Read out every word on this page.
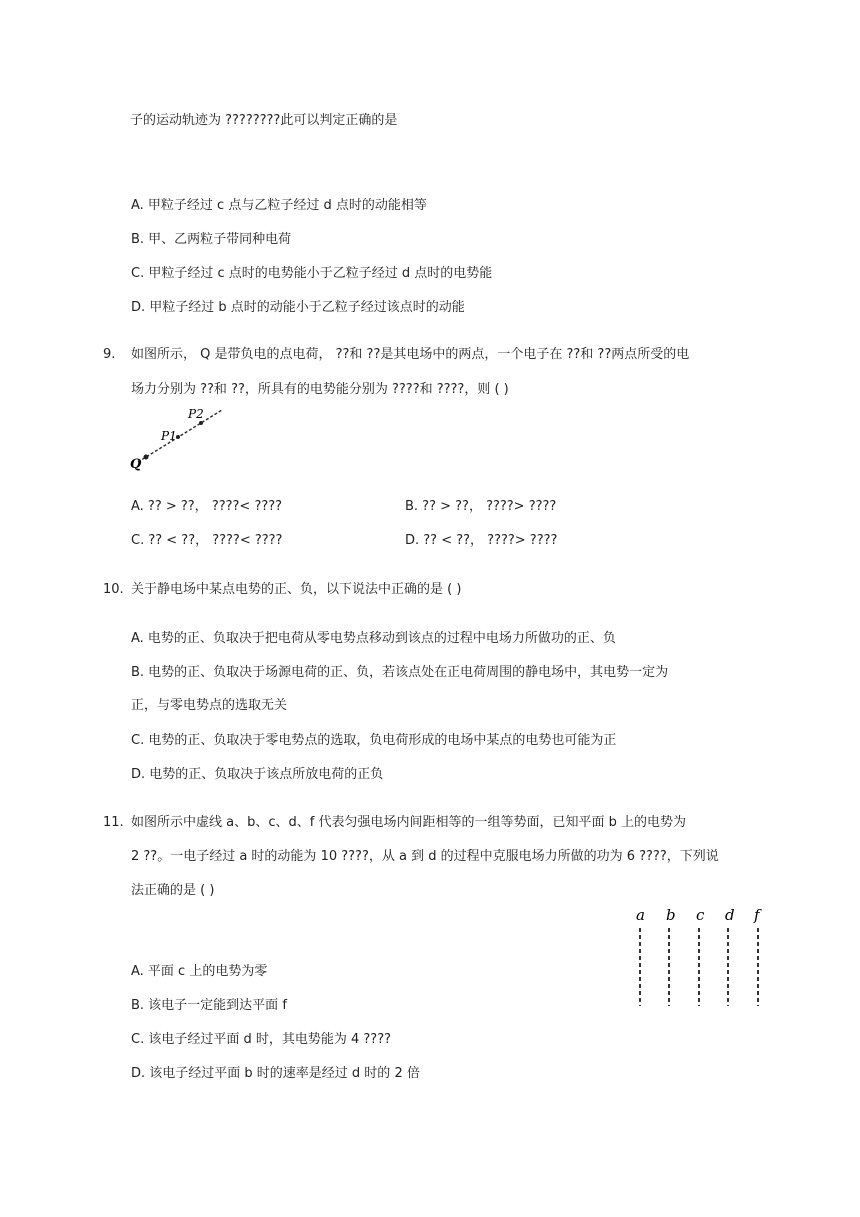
子的运动轨迹为 ????????此可以判定正确的是
A. 甲粒子经过 c 点与乙粒子经过 d 点时的动能相等
B. 甲、乙两粒子带同种电荷
C. 甲粒子经过 c 点时的电势能小于乙粒子经过 d 点时的电势能
D. 甲粒子经过 b 点时的动能小于乙粒子经过该点时的动能
9. 如图所示， Q 是带负电的点电荷， ??和 ??是其电场中的两点，一个电子在 ??和 ??两点所受的电
场力分别为 ??和 ??，所具有的电势能分别为 ????和 ????，则 ( )
Q
P1
P2
A. ?? > ??， ????< ????	B. ?? > ??， ????> ????
C. ?? < ??， ????< ????	D. ?? < ??， ????> ????
10. 关于静电场中某点电势的正、负，以下说法中正确的是 ( )
A. 电势的正、负取决于把电荷从零电势点移动到该点的过程中电场力所做功的正、负
B. 电势的正、负取决于场源电荷的正、负，若该点处在正电荷周围的静电场中，其电势一定为
正，与零电势点的选取无关
C. 电势的正、负取决于零电势点的选取，负电荷形成的电场中某点的电势也可能为正
D. 电势的正、负取决于该点所放电荷的正负
11. 如图所示中虚线 a、b、c、d、f 代表匀强电场内间距相等的一组等势面，已知平面 b 上的电势为
2 ??。一电子经过 a 时的动能为 10 ????，从 a 到 d 的过程中克服电场力所做的功为 6 ????，下列说
法正确的是 ( )
a b c d f
A. 平面 c 上的电势为零
B. 该电子一定能到达平面 f
C. 该电子经过平面 d 时，其电势能为 4 ????
D. 该电子经过平面 b 时的速率是经过 d 时的 2 倍
